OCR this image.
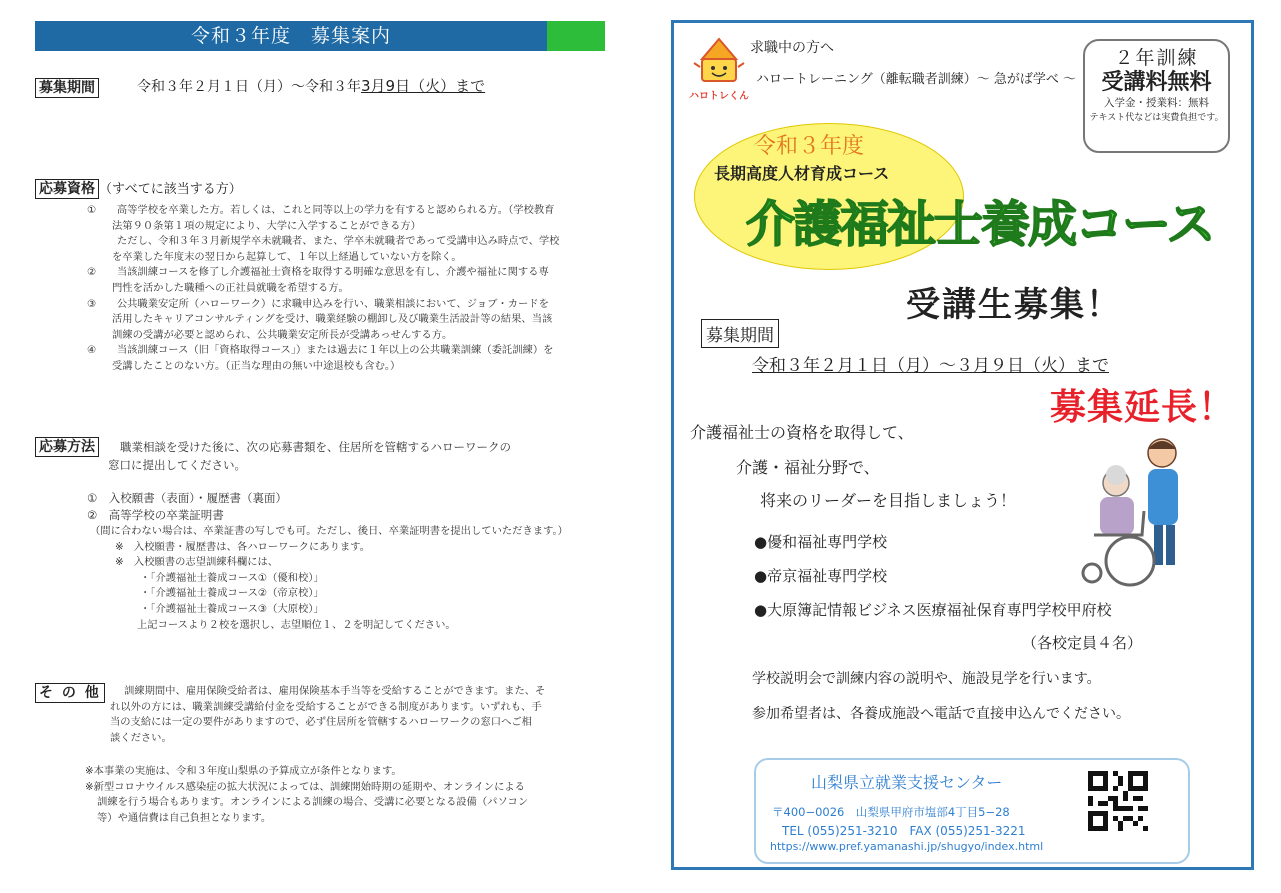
令和３年度　募集案内
募集期間	令和３年２月１日（月）～令和３年3月9日（火）まで
応募資格 （すべてに該当する方）
①　　高等学校を卒業した方。若しくは、これと同等以上の学力を有すると認められる方。（学校教育
法第９０条第１項の規定により、大学に入学することができる方）
ただし、令和３年３月新規学卒未就職者、また、学卒未就職者であって受講申込み時点で、学校
を卒業した年度末の翌日から起算して、１年以上経過していない方を除く。
②　　当該訓練コースを修了し介護福祉士資格を取得する明確な意思を有し、介護や福祉に関する専
門性を活かした職種への正社員就職を希望する方。
③　　公共職業安定所（ハローワーク）に求職申込みを行い、職業相談において、ジョブ・カードを
活用したキャリアコンサルティングを受け、職業経験の棚卸し及び職業生活設計等の結果、当該
訓練の受講が必要と認められ、公共職業安定所長が受講あっせんする方。
④　　当該訓練コース（旧「資格取得コース」）または過去に１年以上の公共職業訓練（委託訓練）を
受講したことのない方。（正当な理由の無い中途退校も含む。）
応募方法	職業相談を受けた後に、次の応募書類を、住居所を管轄するハローワークの
窓口に提出してください。
①　入校願書（表面）・履歴書（裏面）
②　高等学校の卒業証明書
（間に合わない場合は、卒業証書の写しでも可。ただし、後日、卒業証明書を提出していただきます。）
※　入校願書・履歴書は、各ハローワークにあります。
※　入校願書の志望訓練科欄には、
・「介護福祉士養成コース①（優和校）」
・「介護福祉士養成コース②（帝京校）」
・「介護福祉士養成コース③（大原校）」
上記コースより２校を選択し、志望順位１、２を明記してください。
そ の 他	訓練期間中、雇用保険受給者は、雇用保険基本手当等を受給することができます。また、そ
れ以外の方には、職業訓練受講給付金を受給することができる制度があります。いずれも、手
当の支給には一定の要件がありますので、必ず住居所を管轄するハローワークの窓口へご相
談ください。
※本事業の実施は、令和３年度山梨県の予算成立が条件となります。
※新型コロナウイルス感染症の拡大状況によっては、訓練開始時期の延期や、オンラインによる
訓練を行う場合もあります。オンラインによる訓練の場合、受講に必要となる設備（パソコン
等）や通信費は自己負担となります。
ハロトレくん
求職中の方へ
ハロートレーニング（離転職者訓練）～ 急がば学べ ～
２年訓練
受講料無料
入学金・授業料：無料
テキスト代などは実費負担です。
令和３年度
長期高度人材育成コース
介護福祉士養成コース
受講生募集！
募集期間
令和３年２月１日（月）～３月９日（火）まで
募集延長！
介護福祉士の資格を取得して、
介護・福祉分野で、
将来のリーダーを目指しましょう！
●優和福祉専門学校
●帝京福祉専門学校
●大原簿記情報ビジネス医療福祉保育専門学校甲府校
（各校定員４名）
学校説明会で訓練内容の説明や、施設見学を行います。
参加希望者は、各養成施設へ電話で直接申込んでください。
山梨県立就業支援センター
〒400−0026　山梨県甲府市塩部4丁目5−28
TEL (055)251-3210　FAX (055)251-3221
https://www.pref.yamanashi.jp/shugyo/index.html
